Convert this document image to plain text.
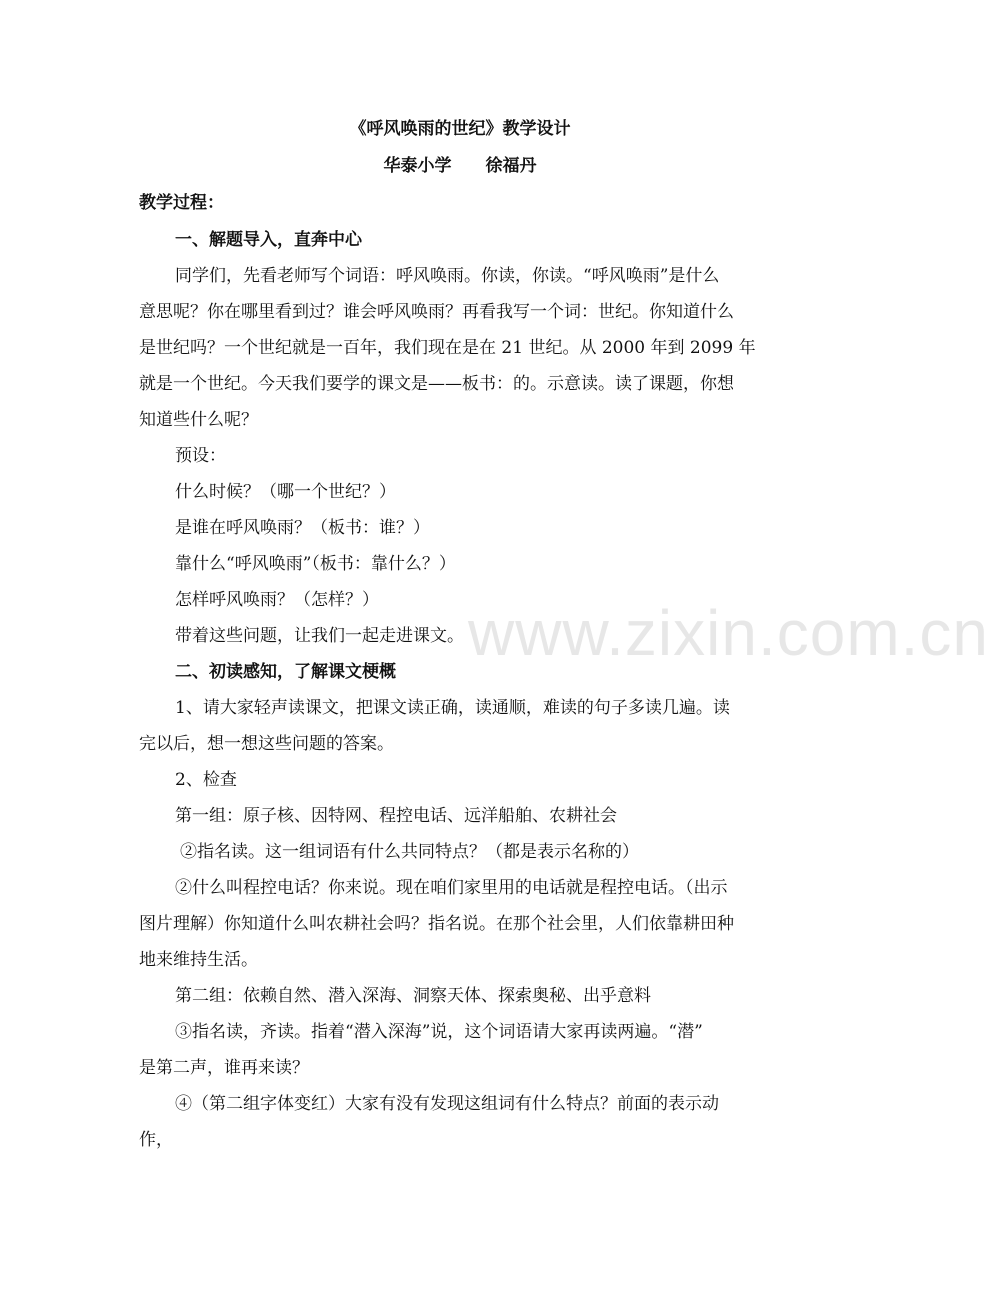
《呼风唤雨的世纪》教学设计
华泰小学　　徐福丹
教学过程：
一、解题导入，直奔中心
同学们，先看老师写个词语：呼风唤雨。你读，你读。“呼风唤雨”是什么
意思呢？你在哪里看到过？谁会呼风唤雨？再看我写一个词：世纪。你知道什么
是世纪吗？一个世纪就是一百年，我们现在是在 21 世纪。从 2000 年到 2099 年
就是一个世纪。今天我们要学的课文是——板书：的。示意读。读了课题，你想
知道些什么呢？
预设：
什么时候？（哪一个世纪？）
是谁在呼风唤雨？（板书：谁？）
靠什么“呼风唤雨”（板书：靠什么？）
怎样呼风唤雨？（怎样？）
带着这些问题，让我们一起走进课文。
二、初读感知，了解课文梗概
1、请大家轻声读课文，把课文读正确，读通顺，难读的句子多读几遍。读
完以后，想一想这些问题的答案。
2、检查
第一组：原子核、因特网、程控电话、远洋船舶、农耕社会
②指名读。这一组词语有什么共同特点？（都是表示名称的）
②什么叫程控电话？你来说。现在咱们家里用的电话就是程控电话。（出示
图片理解）你知道什么叫农耕社会吗？指名说。在那个社会里，人们依靠耕田种
地来维持生活。
第二组：依赖自然、潜入深海、洞察天体、探索奥秘、出乎意料
③指名读，齐读。指着“潜入深海”说，这个词语请大家再读两遍。“潜”
是第二声，谁再来读？
④（第二组字体变红）大家有没有发现这组词有什么特点？前面的表示动
作，
www.zixin.com.cn
